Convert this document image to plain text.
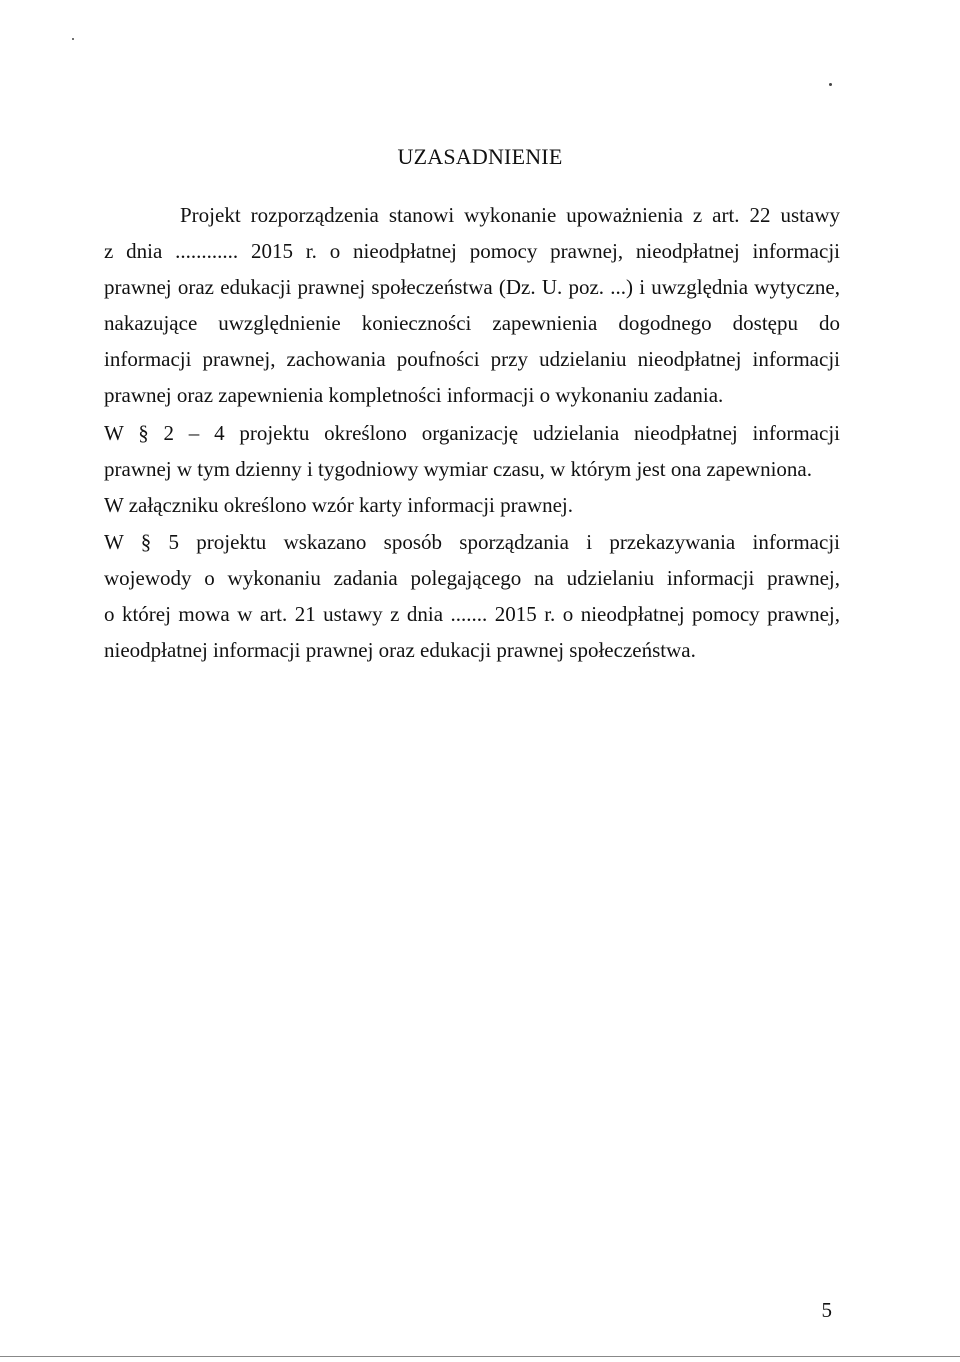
UZASADNIENIE
Projekt rozporządzenia stanowi wykonanie upoważnienia z art. 22 ustawy
z dnia ............ 2015 r. o nieodpłatnej pomocy prawnej, nieodpłatnej informacji
prawnej oraz edukacji prawnej społeczeństwa (Dz. U. poz. ...) i uwzględnia wytyczne,
nakazujące uwzględnienie konieczności zapewnienia dogodnego dostępu do
informacji prawnej, zachowania poufności przy udzielaniu nieodpłatnej informacji
prawnej oraz zapewnienia kompletności informacji o wykonaniu zadania.
W § 2 – 4 projektu określono organizację udzielania nieodpłatnej informacji
prawnej w tym dzienny i tygodniowy wymiar czasu, w którym jest ona zapewniona.
W załączniku określono wzór karty informacji prawnej.
W § 5 projektu wskazano sposób sporządzania i przekazywania informacji
wojewody o wykonaniu zadania polegającego na udzielaniu informacji prawnej,
o której mowa w art. 21 ustawy z dnia ....... 2015 r. o nieodpłatnej pomocy prawnej,
nieodpłatnej informacji prawnej oraz edukacji prawnej społeczeństwa.
5
